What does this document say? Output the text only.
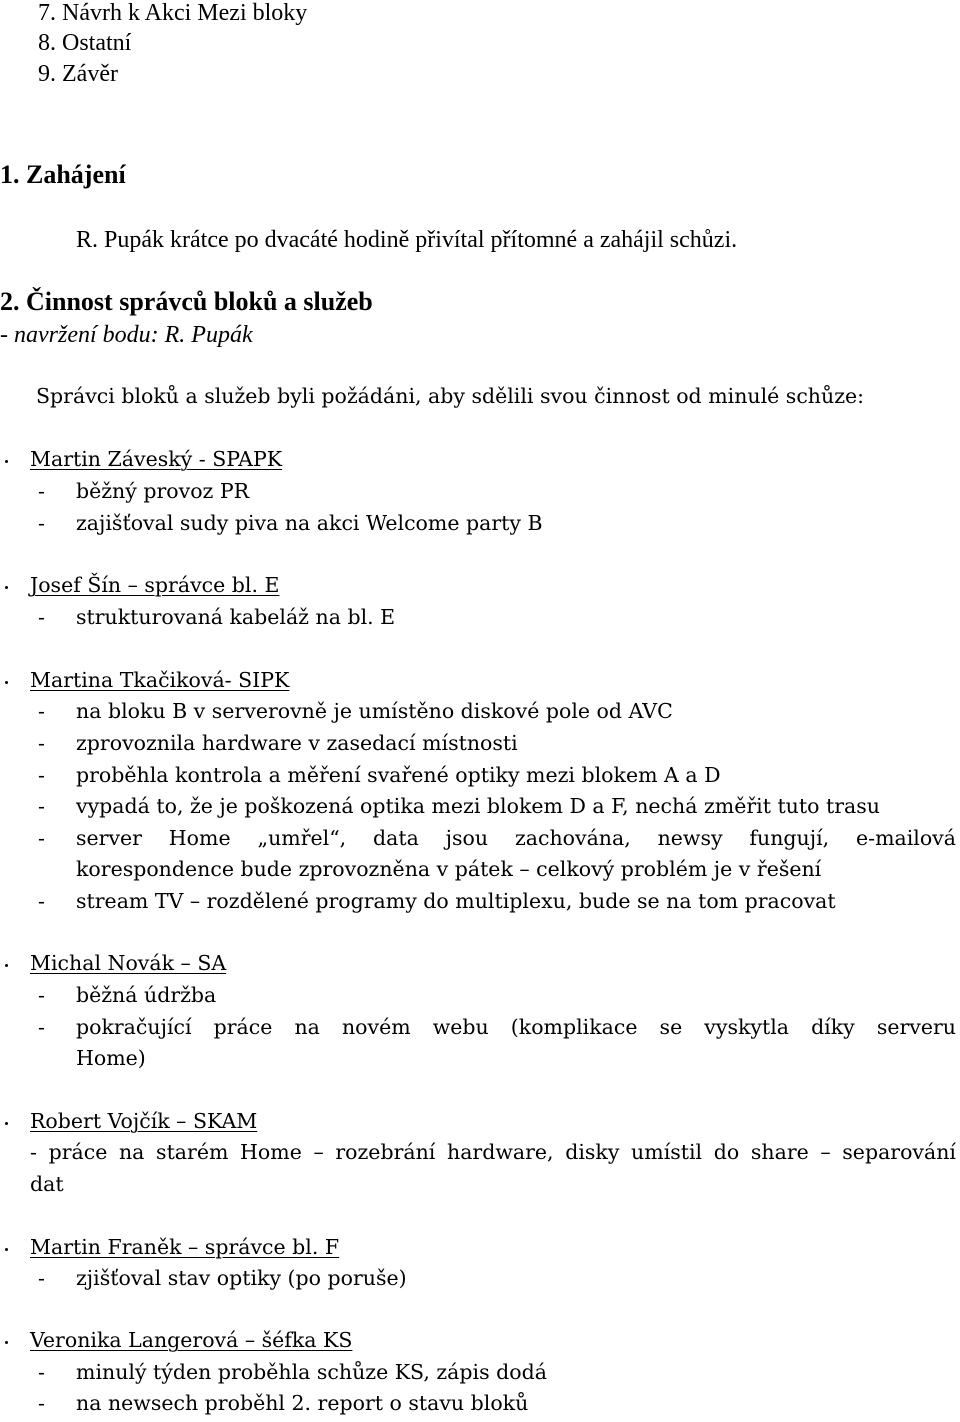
7. Návrh k Akci Mezi bloky
8. Ostatní
9. Závěr
1. Zahájení
R. Pupák krátce po dvacáté hodině přivítal přítomné a zahájil schůzi.
2. Činnost správců bloků a služeb
- navržení bodu: R. Pupák
Správci bloků a služeb byli požádáni, aby sdělili svou činnost od minulé schůze:
Martin Záveský - SPAPK
- běžný provoz PR
- zajišťoval sudy piva na akci Welcome party B
Josef Šín – správce bl. E
- strukturovaná kabeláž na bl. E
Martina Tkačiková- SIPK
- na bloku B v serverovně je umístěno diskové pole od AVC
- zprovoznila hardware v zasedací místnosti
- proběhla kontrola a měření svařené optiky mezi blokem A a D
- vypadá to, že je poškozená optika mezi blokem D a F, nechá změřit tuto trasu
- server Home „umřel“, data jsou zachována, newsy fungují, e-mailová
korespondence bude zprovozněna v pátek – celkový problém je v řešení
- stream TV – rozdělené programy do multiplexu, bude se na tom pracovat
Michal Novák – SA
- běžná údržba
- pokračující práce na novém webu (komplikace se vyskytla díky serveru
Home)
Robert Vojčík – SKAM
- práce na starém Home – rozebrání hardware, disky umístil do share – separování
dat
Martin Franěk – správce bl. F
- zjišťoval stav optiky (po poruše)
Veronika Langerová – šéfka KS
- minulý týden proběhla schůze KS, zápis dodá
- na newsech proběhl 2. report o stavu bloků
